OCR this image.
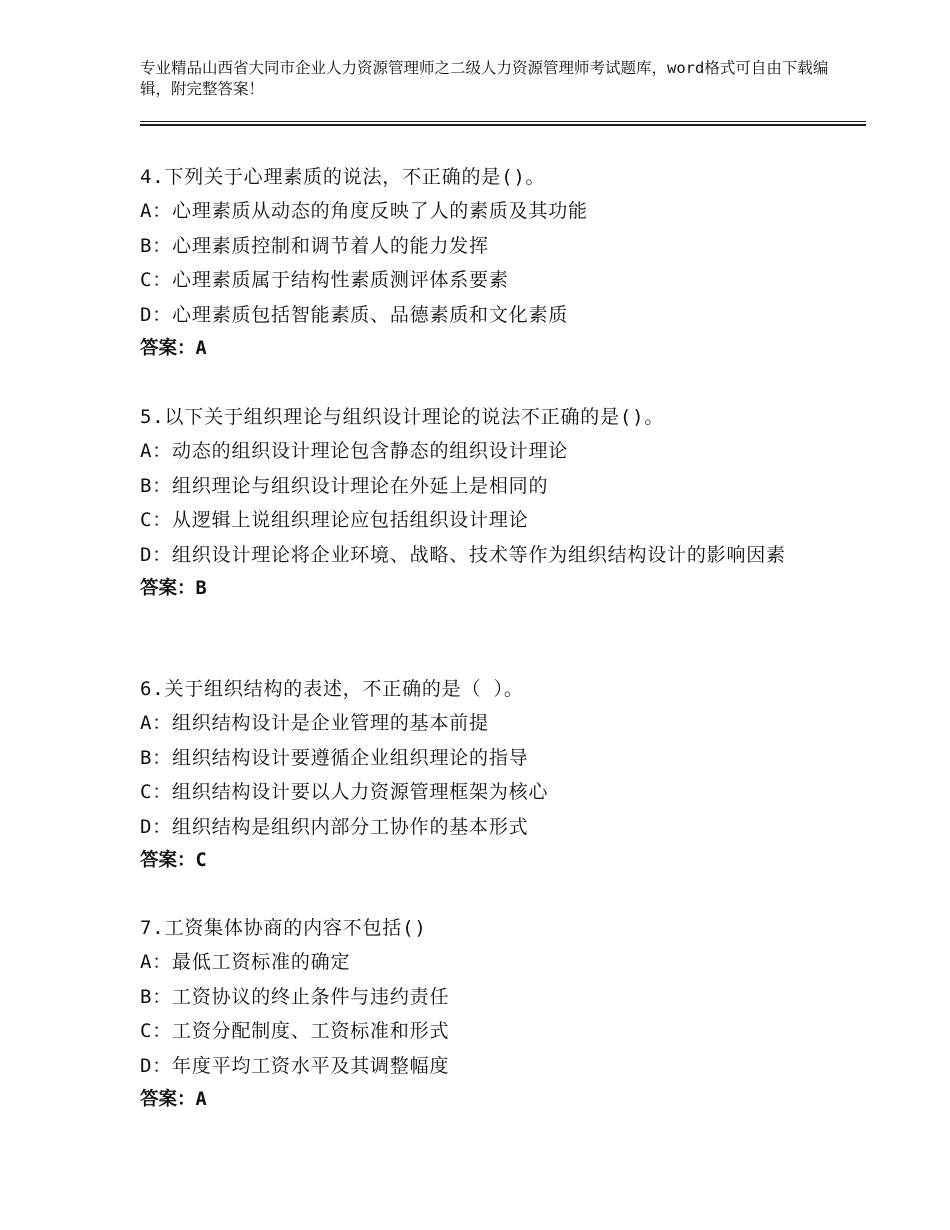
专业精品山西省大同市企业人力资源管理师之二级人力资源管理师考试题库，word格式可自由下载编辑，附完整答案！
4.下列关于心理素质的说法，不正确的是()。
A：心理素质从动态的角度反映了人的素质及其功能
B：心理素质控制和调节着人的能力发挥
C：心理素质属于结构性素质测评体系要素
D：心理素质包括智能素质、品德素质和文化素质
答案：A
5.以下关于组织理论与组织设计理论的说法不正确的是()。
A：动态的组织设计理论包含静态的组织设计理论
B：组织理论与组织设计理论在外延上是相同的
C：从逻辑上说组织理论应包括组织设计理论
D：组织设计理论将企业环境、战略、技术等作为组织结构设计的影响因素
答案：B
6.关于组织结构的表述，不正确的是（ ）。
A：组织结构设计是企业管理的基本前提
B：组织结构设计要遵循企业组织理论的指导
C：组织结构设计要以人力资源管理框架为核心
D：组织结构是组织内部分工协作的基本形式
答案：C
7.工资集体协商的内容不包括()
A：最低工资标准的确定
B：工资协议的终止条件与违约责任
C：工资分配制度、工资标准和形式
D：年度平均工资水平及其调整幅度
答案：A
